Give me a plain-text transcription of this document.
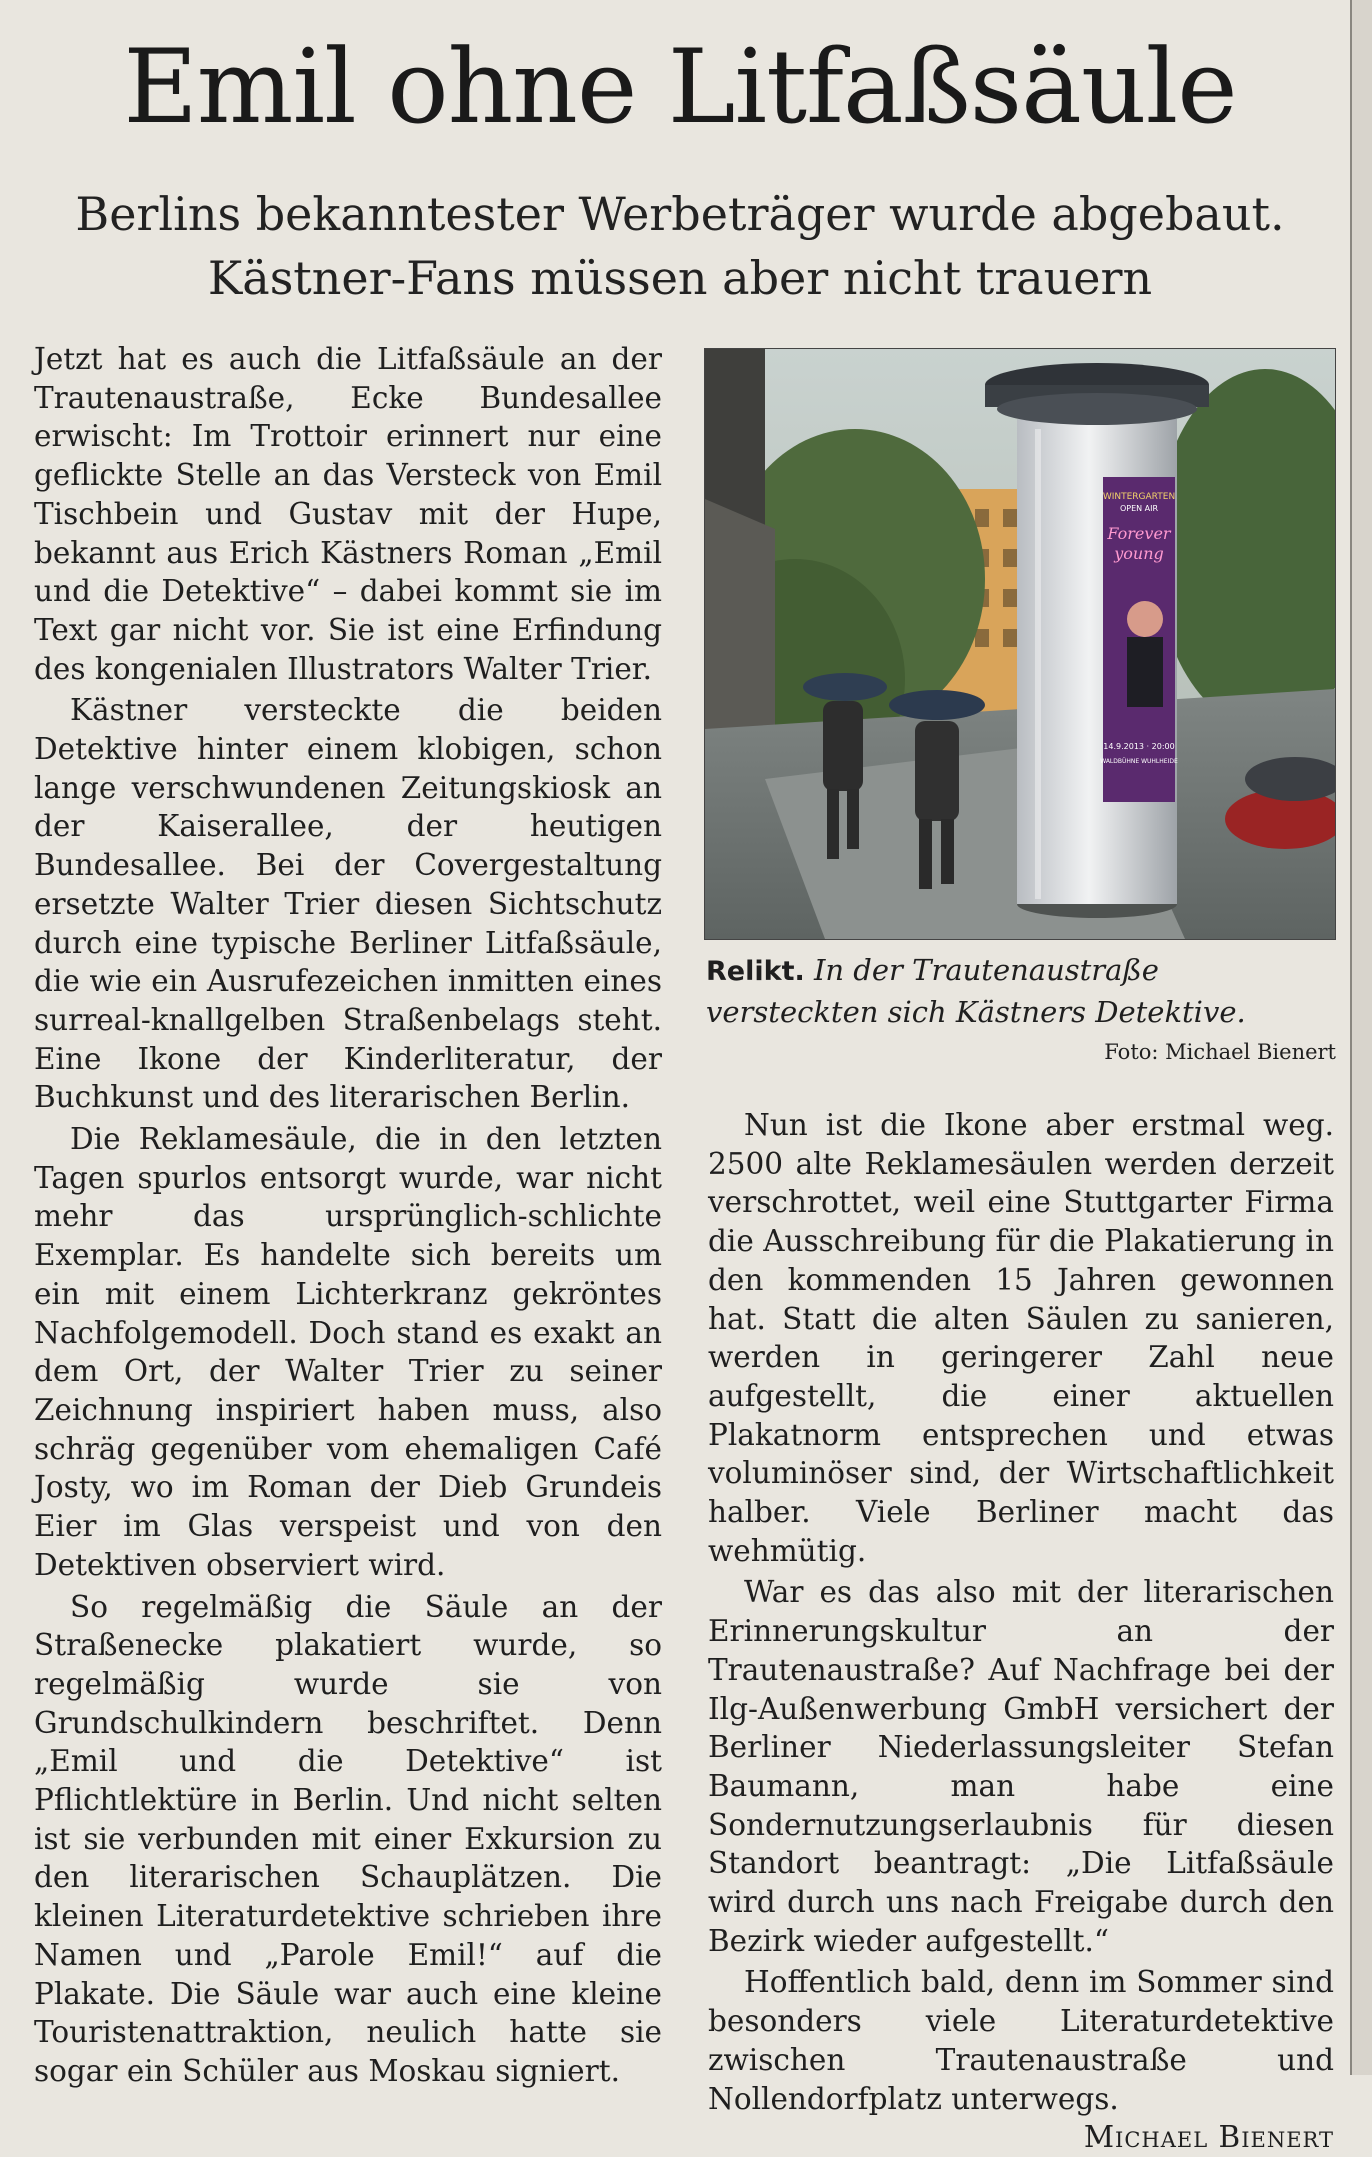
Emil ohne Litfaßsäule
Berlins bekanntester Werbeträger wurde abgebaut.
Kästner-Fans müssen aber nicht trauern

Jetzt hat es auch die Litfaßsäule an der Trautenaustraße, Ecke Bundesallee erwischt: Im Trottoir erinnert nur eine geflickte Stelle an das Versteck von Emil Tischbein und Gustav mit der Hupe, bekannt aus Erich Kästners Roman „Emil und die Detektive“ – dabei kommt sie im Text gar nicht vor. Sie ist eine Erfindung des kongenialen Illustrators Walter Trier.

Kästner versteckte die beiden Detektive hinter einem klobigen, schon lange verschwundenen Zeitungskiosk an der Kaiserallee, der heutigen Bundesallee. Bei der Covergestaltung ersetzte Walter Trier diesen Sichtschutz durch eine typische Berliner Litfaßsäule, die wie ein Ausrufezeichen inmitten eines surreal-knallgelben Straßenbelags steht. Eine Ikone der Kinderliteratur, der Buchkunst und des literarischen Berlin.

Die Reklamesäule, die in den letzten Tagen spurlos entsorgt wurde, war nicht mehr das ursprünglich-schlichte Exemplar. Es handelte sich bereits um ein mit einem Lichterkranz gekröntes Nachfolgemodell. Doch stand es exakt an dem Ort, der Walter Trier zu seiner Zeichnung inspiriert haben muss, also schräg gegenüber vom ehemaligen Café Josty, wo im Roman der Dieb Grundeis Eier im Glas verspeist und von den Detektiven observiert wird.

So regelmäßig die Säule an der Straßenecke plakatiert wurde, so regelmäßig wurde sie von Grundschulkindern beschriftet. Denn „Emil und die Detektive“ ist Pflichtlektüre in Berlin. Und nicht selten ist sie verbunden mit einer Exkursion zu den literarischen Schauplätzen. Die kleinen Literaturdetektive schrieben ihre Namen und „Parole Emil!“ auf die Plakate. Die Säule war auch eine kleine Touristenattraktion, neulich hatte sie sogar ein Schüler aus Moskau signiert.

WINTERGARTEN
OPEN AIR
Forever
young
14.9.2013 · 20:00
WALDBÜHNE WUHLHEIDE
Relikt. In der Trautenaustraße versteckten sich Kästners Detektive.
Foto: Michael Bienert

Nun ist die Ikone aber erstmal weg. 2500 alte Reklamesäulen werden derzeit verschrottet, weil eine Stuttgarter Firma die Ausschreibung für die Plakatierung in den kommenden 15 Jahren gewonnen hat. Statt die alten Säulen zu sanieren, werden in geringerer Zahl neue aufgestellt, die einer aktuellen Plakatnorm entsprechen und etwas voluminöser sind, der Wirtschaftlichkeit halber. Viele Berliner macht das wehmütig.

War es das also mit der literarischen Erinnerungskultur an der Trautenaustraße? Auf Nachfrage bei der Ilg-Außenwerbung GmbH versichert der Berliner Niederlassungsleiter Stefan Baumann, man habe eine Sondernutzungserlaubnis für diesen Standort beantragt: „Die Litfaßsäule wird durch uns nach Freigabe durch den Bezirk wieder aufgestellt.“

Hoffentlich bald, denn im Sommer sind besonders viele Literaturdetektive zwischen Trautenaustraße und Nollendorfplatz unterwegs.
Michael Bienert
